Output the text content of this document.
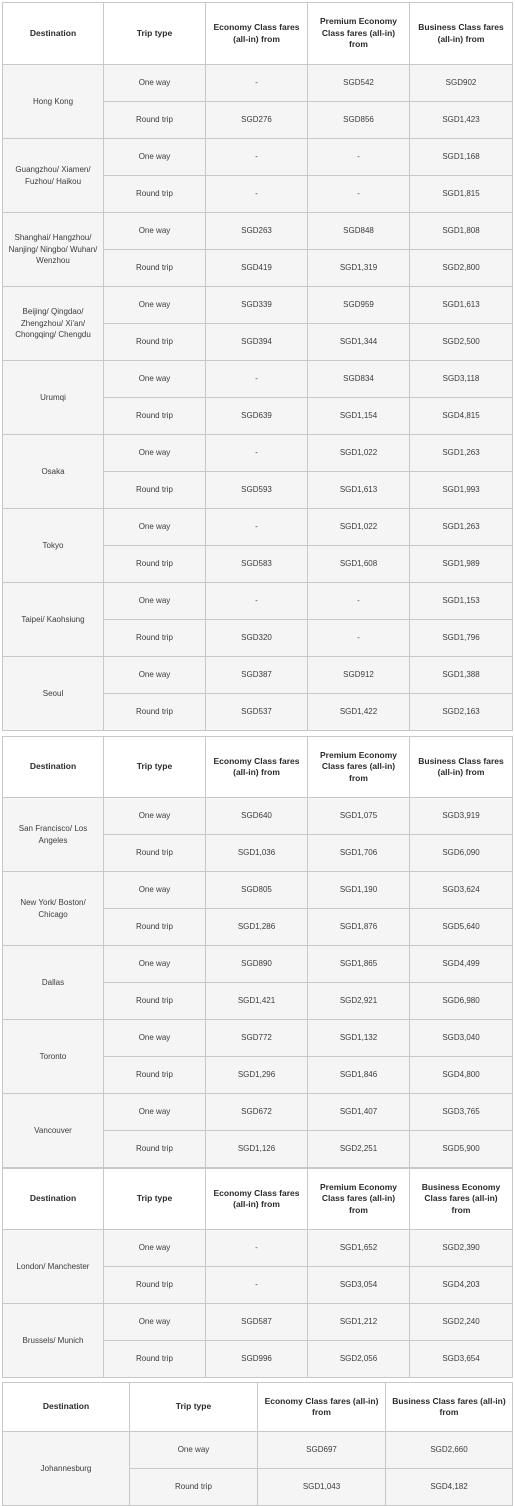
Destination	Trip type	Economy Class fares (all-in) from	Premium Economy Class fares (all-in) from	Business Class fares (all-in) from
Hong Kong	One way	-	SGD542	SGD902
	Round trip	SGD276	SGD856	SGD1,423
Guangzhou/ Xiamen/ Fuzhou/ Haikou	One way	-	-	SGD1,168
	Round trip	-	-	SGD1,815
Shanghai/ Hangzhou/ Nanjing/ Ningbo/ Wuhan/ Wenzhou	One way	SGD263	SGD848	SGD1,808
	Round trip	SGD419	SGD1,319	SGD2,800
Beijing/ Qingdao/ Zhengzhou/ Xi'an/ Chongqing/ Chengdu	One way	SGD339	SGD959	SGD1,613
	Round trip	SGD394	SGD1,344	SGD2,500
Urumqi	One way	-	SGD834	SGD3,118
	Round trip	SGD639	SGD1,154	SGD4,815
Osaka	One way	-	SGD1,022	SGD1,263
	Round trip	SGD593	SGD1,613	SGD1,993
Tokyo	One way	-	SGD1,022	SGD1,263
	Round trip	SGD583	SGD1,608	SGD1,989
Taipei/ Kaohsiung	One way	-	-	SGD1,153
	Round trip	SGD320	-	SGD1,796
Seoul	One way	SGD387	SGD912	SGD1,388
	Round trip	SGD537	SGD1,422	SGD2,163
Destination	Trip type	Economy Class fares (all-in) from	Premium Economy Class fares (all-in) from	Business Class fares (all-in) from
San Francisco/ Los Angeles	One way	SGD640	SGD1,075	SGD3,919
	Round trip	SGD1,036	SGD1,706	SGD6,090
New York/ Boston/ Chicago	One way	SGD805	SGD1,190	SGD3,624
	Round trip	SGD1,286	SGD1,876	SGD5,640
Dallas	One way	SGD890	SGD1,865	SGD4,499
	Round trip	SGD1,421	SGD2,921	SGD6,980
Toronto	One way	SGD772	SGD1,132	SGD3,040
	Round trip	SGD1,296	SGD1,846	SGD4,800
Vancouver	One way	SGD672	SGD1,407	SGD3,765
	Round trip	SGD1,126	SGD2,251	SGD5,900
Destination	Trip type	Economy Class fares (all-in) from	Premium Economy Class fares (all-in) from	Business Economy Class fares (all-in) from
London/ Manchester	One way	-	SGD1,652	SGD2,390
	Round trip	-	SGD3,054	SGD4,203
Brussels/ Munich	One way	SGD587	SGD1,212	SGD2,240
	Round trip	SGD996	SGD2,056	SGD3,654
Destination	Trip type	Economy Class fares (all-in) from	Business Class fares (all-in) from
Johannesburg	One way	SGD697	SGD2,660
	Round trip	SGD1,043	SGD4,182
